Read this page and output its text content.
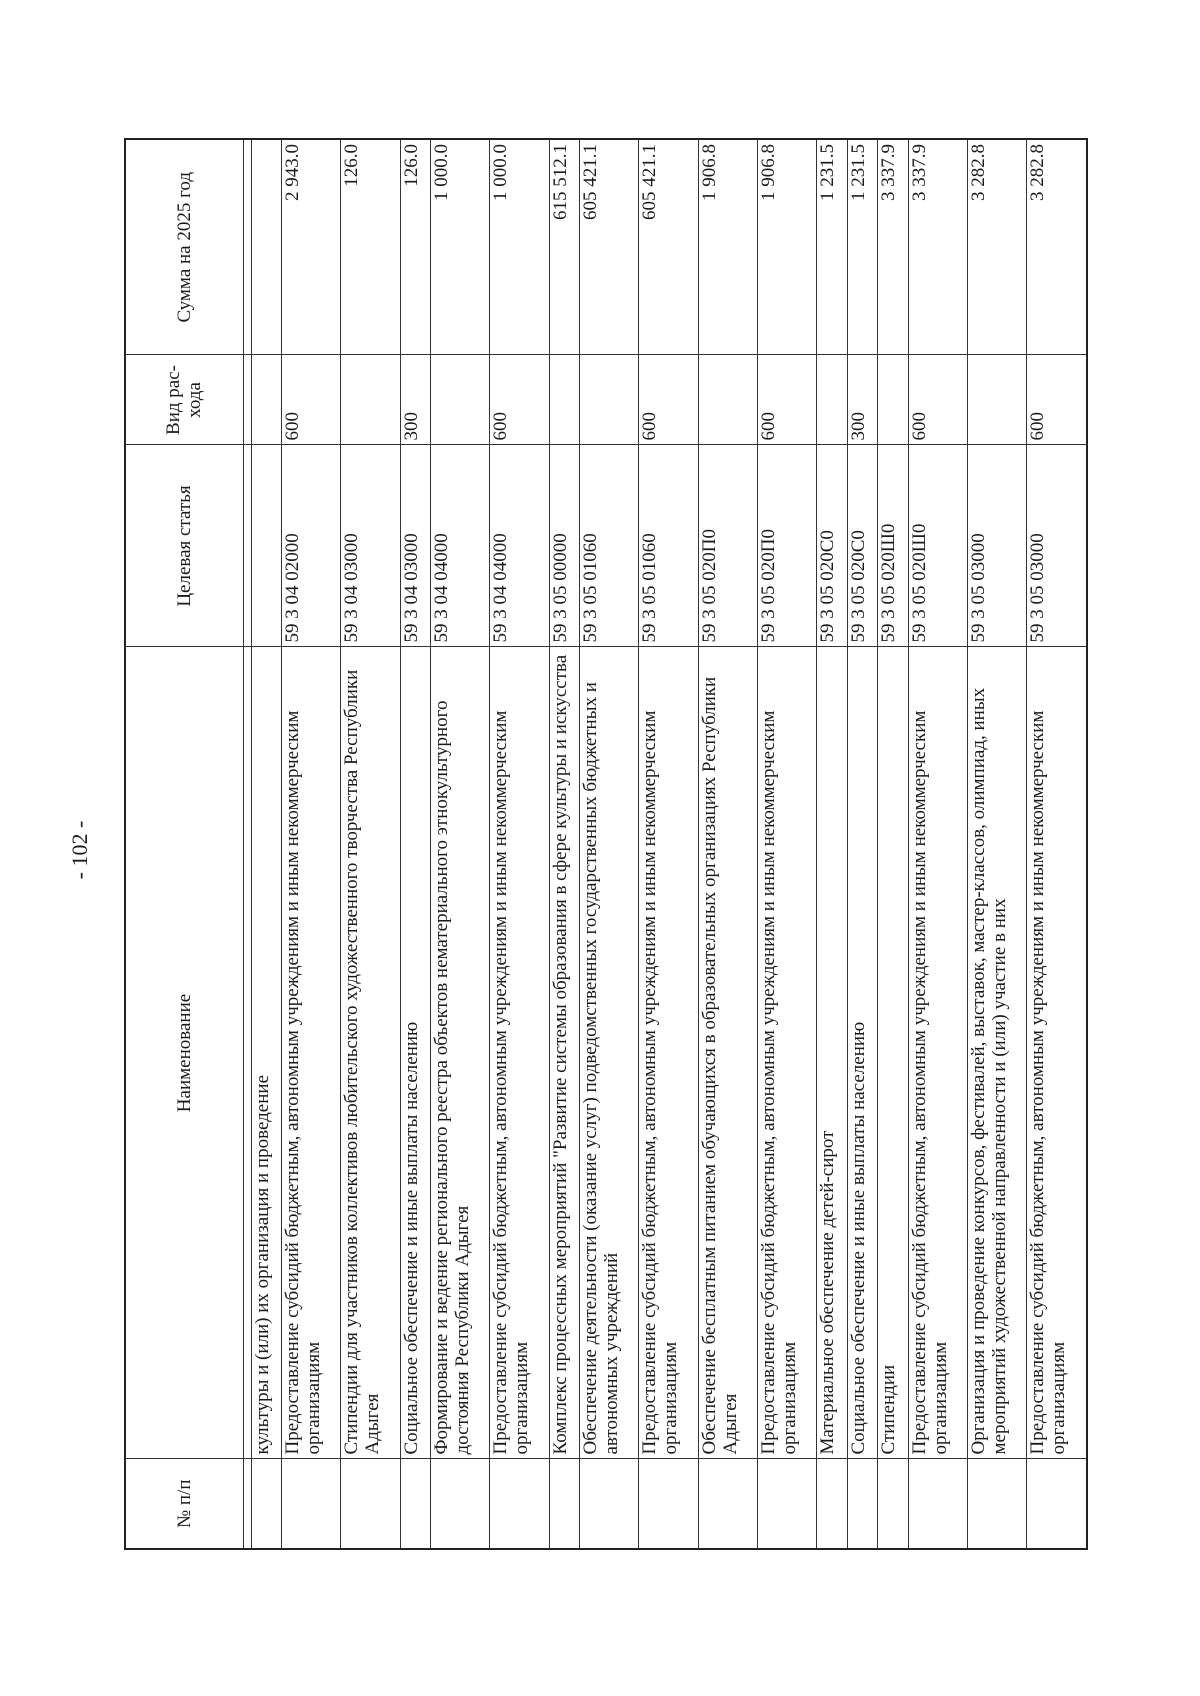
- 102 -
№ п/п	Наименование	Целевая статья	Вид рас-хода	Сумма на 2025 год

	культуры и (или) их организация и проведение			
	Предоставление субсидий бюджетным, автономным учреждениям и иным некоммерческим организациям	59 3 04 02000	600	2 943.0
	Стипендии для участников коллективов любительского художественного творчества Республики Адыгея	59 3 04 03000		126.0
	Социальное обеспечение и иные выплаты населению	59 3 04 03000	300	126.0
	Формирование и ведение регионального реестра объектов нематериального этнокультурного достояния Республики Адыгея	59 3 04 04000		1 000.0
	Предоставление субсидий бюджетным, автономным учреждениям и иным некоммерческим организациям	59 3 04 04000	600	1 000.0
	Комплекс процессных мероприятий "Развитие системы образования в сфере культуры и искусства	59 3 05 00000		615 512.1
	Обеспечение деятельности (оказание услуг) подведомственных государственных бюджетных и автономных учреждений	59 3 05 01060		605 421.1
	Предоставление субсидий бюджетным, автономным учреждениям и иным некоммерческим организациям	59 3 05 01060	600	605 421.1
	Обеспечение бесплатным питанием обучающихся в образовательных организациях Республики Адыгея	59 3 05 020П0		1 906.8
	Предоставление субсидий бюджетным, автономным учреждениям и иным некоммерческим организациям	59 3 05 020П0	600	1 906.8
	Материальное обеспечение детей-сирот	59 3 05 020С0		1 231.5
	Социальное обеспечение и иные выплаты населению	59 3 05 020С0	300	1 231.5
	Стипендии	59 3 05 020Ш0		3 337.9
	Предоставление субсидий бюджетным, автономным учреждениям и иным некоммерческим организациям	59 3 05 020Ш0	600	3 337.9
	Организация и проведение конкурсов, фестивалей, выставок, мастер-классов, олимпиад, иных мероприятий художественной направленности и (или) участие в них	59 3 05 03000		3 282.8
	Предоставление субсидий бюджетным, автономным учреждениям и иным некоммерческим организациям	59 3 05 03000	600	3 282.8
